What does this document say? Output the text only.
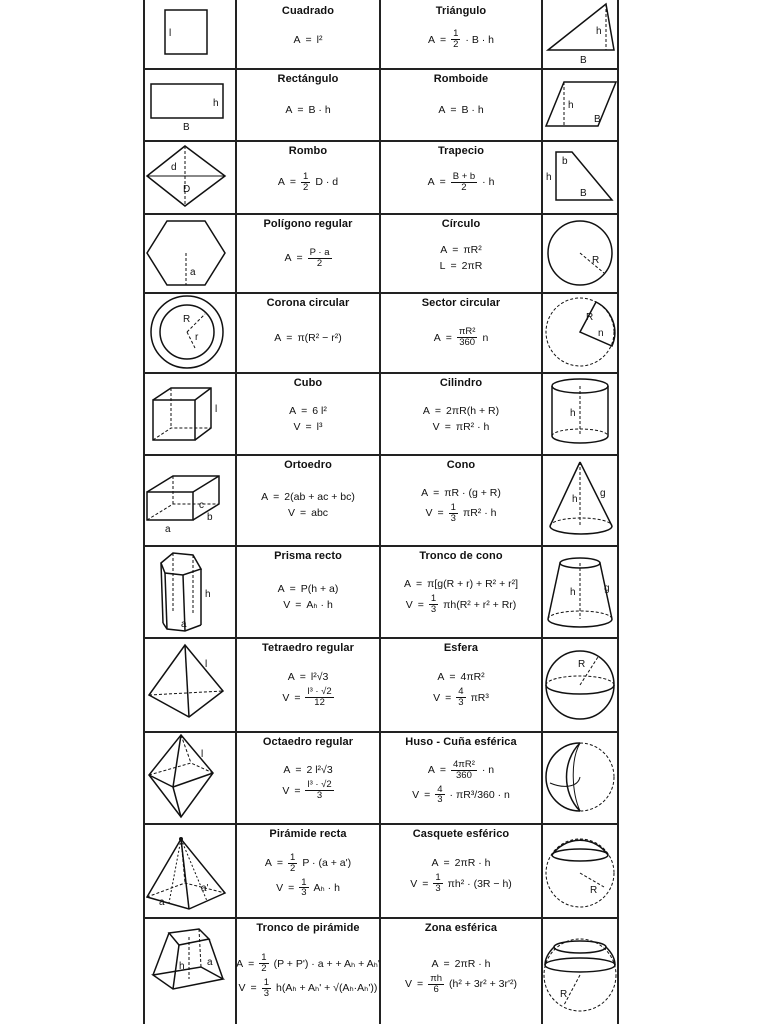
Cuadrado
A = l²
Triángulo
$A = \frac{1}{2} \cdot B \cdot h$
Rectángulo
A = B · h
Romboide
A = B · h
Rombo
$A = \frac{1}{2}$ D · d
Trapecio
$A = \frac{B + b}{2} \cdot h$
Polígono regular
$A = \frac{P \cdot a}{2}$
Círculo
A = πR²
L = 2πR
Corona circular
A = π(R² − r²)
Sector circular
$A = \frac{\text{πR²}}{360}$ n
Cubo
A = 6 l²
V = l³
Cilindro
A = 2πR(h + R)
V = πR² · h
Ortoedro
A = 2(ab + ac + bc)
V = abc
Cono
A = πR · (g + R)
$V = \frac{1}{3} \pi R^2 \cdot h$
Prisma recto
A = P(h + a)
V = Aₕ · h
Tronco de cono
A = π[g(R + r) + R² + r²]
$V = \frac{1}{3} \pi h(R^2 + r^2 + Rr)$
Tetraedro regular
A = l²√3
$V = \frac{\text{l³ · √2}}{12}$
Esfera
A = 4πR²
$V = \frac{4}{3} \pi R^3$
Octaedro regular
A = 2 l²√3
$V = \frac{\text{l³ · √2}}{3}$
Huso - Cuña esférica
$A = \frac{\text{4πR²}}{360} \cdot n$
$V = \frac{4}{3} \cdot \pi R^3/360 \cdot n$
Pirámide recta
$A = \frac{1}{2}$ P · (a + a')
$V = \frac{1}{3}$ Aₕ · h
Casquete esférico
A = 2πR · h
$V = \frac{1}{3} \pi h^2 \cdot (3R - h)$
Tronco de pirámide
$A = \frac{1}{2} (P + P') \cdot a$ + + Aₕ + Aₕ'
$V = \frac{1}{3} h(A_h + A_h' + √(A_h\cdot A_h'))$
Zona esférica
A = 2πR · h
$V = \frac{\pi h}{6} (h^2 + 3r^2 + 3r'^2)$
l
h
B
d
D
a
R
r
l
c
a
b
h
a
l
l
a
a'
h a
h
B
h
B
b
h
B
R
R
n
h
h
g
h	g
R
R
R
